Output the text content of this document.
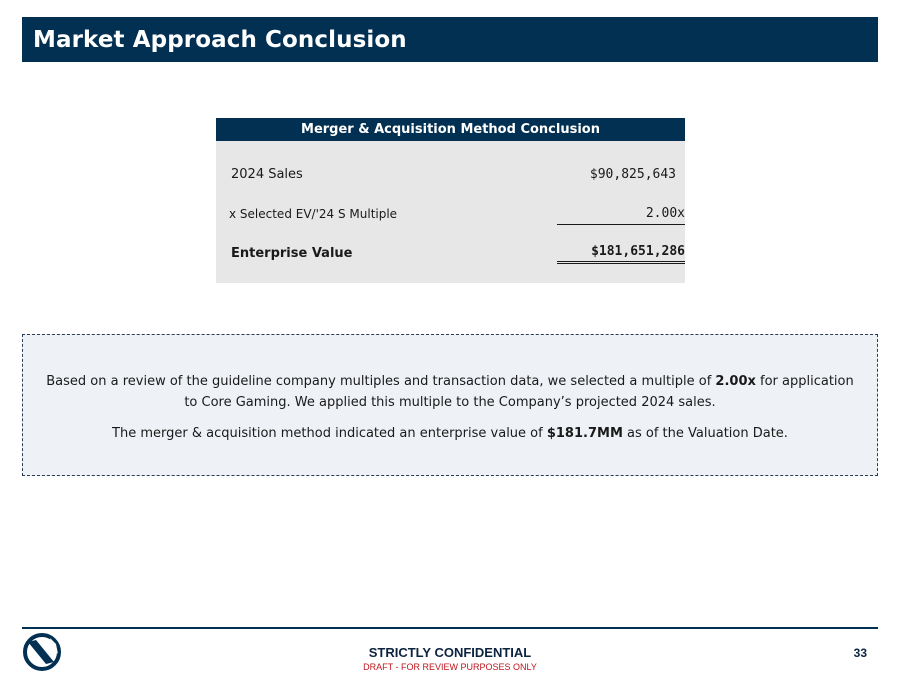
Market Approach Conclusion
Merger & Acquisition Method Conclusion
2024 Sales	$90,825,643
x Selected EV/'24 S Multiple	2.00x
Enterprise Value	$181,651,286

Based on a review of the guideline company multiples and transaction data, we selected a multiple of 2.00x for application to Core Gaming. We applied this multiple to the Company’s projected 2024 sales.

The merger & acquisition method indicated an enterprise value of $181.7MM as of the Valuation Date.

STRICTLY CONFIDENTIAL
DRAFT - FOR REVIEW PURPOSES ONLY
33
